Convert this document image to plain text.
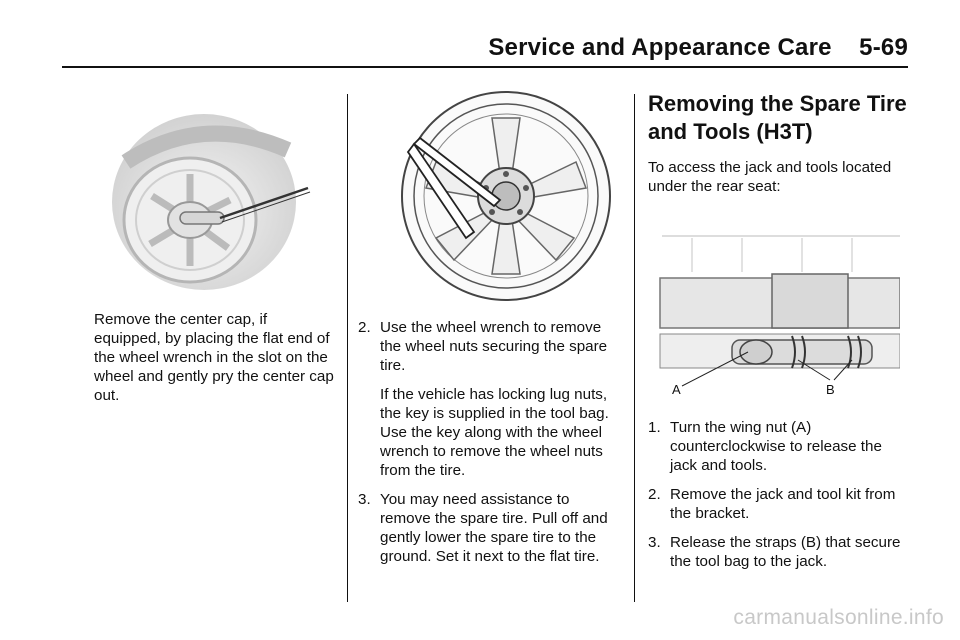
Service and Appearance Care    5-69

Remove the center cap, if equipped, by placing the flat end of the wheel wrench in the slot on the wheel and gently pry the center cap out.

2. Use the wheel wrench to remove the wheel nuts securing the spare tire.
If the vehicle has locking lug nuts, the key is supplied in the tool bag. Use the key along with the wheel wrench to remove the wheel nuts from the tire.
3. You may need assistance to remove the spare tire. Pull off and gently lower the spare tire to the ground. Set it next to the flat tire.
Removing the Spare Tire and Tools (H3T)

To access the jack and tools located under the rear seat:

A	B
1. Turn the wing nut (A) counterclockwise to release the jack and tools.
2. Remove the jack and tool kit from the bracket.
3. Release the straps (B) that secure the tool bag to the jack.
carmanualsonline.info
